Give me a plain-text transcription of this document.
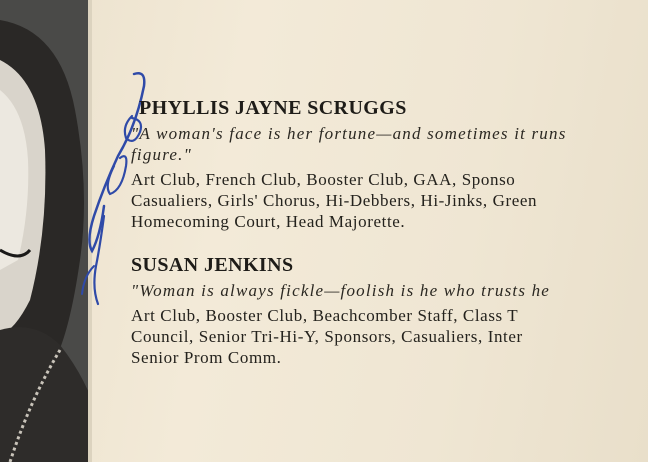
PHYLLIS JAYNE SCRUGGS

"A woman's face is her fortune—and sometimes it runs
figure."

Art Club, French Club, Booster Club, GAA, Sponso
Casualiers, Girls' Chorus, Hi-Debbers, Hi-Jinks, Green
Homecoming Court, Head Majorette.

SUSAN JENKINS

"Woman is always fickle—foolish is he who trusts he

Art Club, Booster Club, Beachcomber Staff, Class T
Council, Senior Tri-Hi-Y, Sponsors, Casualiers, Inter
Senior Prom Comm.
